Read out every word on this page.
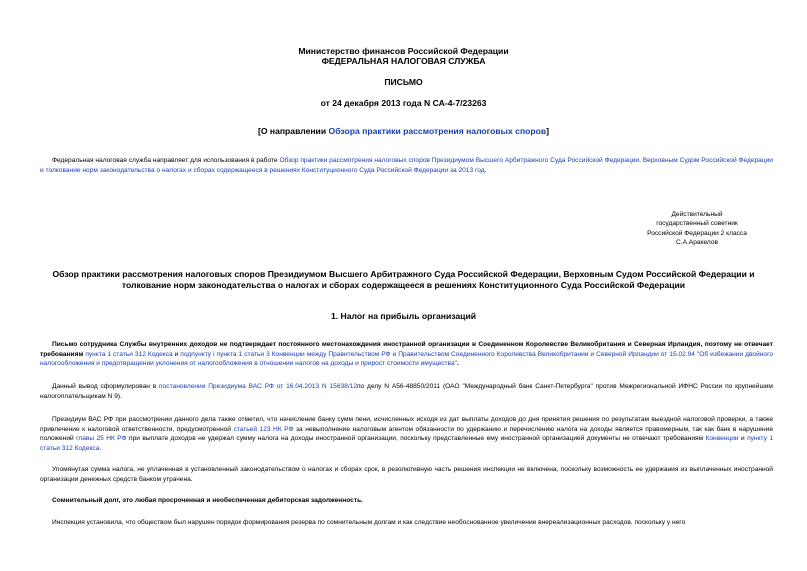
Министерство финансов Российской Федерации
ФЕДЕРАЛЬНАЯ НАЛОГОВАЯ СЛУЖБА
ПИСЬМО
от 24 декабря 2013 года N СА-4-7/23263
[О направлении Обзора практики рассмотрения налоговых споров]
Федеральная налоговая служба направляет для использования в работе Обзор практики рассмотрения налоговых споров Президиумом Высшего Арбитражного Суда Российской Федерации, Верховным Судом Российской Федерации и толкование норм законодательства о налогах и сборах содержащееся в решениях Конституционного Суда Российской Федерации за 2013 год.
Действительный
государственный советник
Российской Федерации 2 класса
С.А.Аракелов
Обзор практики рассмотрения налоговых споров Президиумом Высшего Арбитражного Суда Российской Федерации, Верховным Судом Российской Федерации и толкование норм законодательства о налогах и сборах содержащееся в решениях Конституционного Суда Российской Федерации
1. Налог на прибыль организаций
Письмо сотрудника Службы внутренних доходов не подтверждает постоянного местонахождения иностранной организации в Соединенном Королевстве Великобритания и Северная Ирландия, поэтому не отвечает требованиям пункта 1 статьи 312 Кодекса и подпункту i пункта 1 статьи 3 Конвенции между Правительством РФ и Правительством Соединенного Королевства Великобритании и Северной Ирландии от 15.02.94 "Об избежании двойного налогообложения и предотвращении уклонения от налогообложения в отношении налогов на доходы и прирост стоимости имущества".
Данный вывод сформулирован в постановлении Президиума ВАС РФ от 16.04.2013 N 15638/12по делу N А56-48850/2011 (ОАО "Международный банк Санкт-Петербурга" против Межрегиональной ИФНС России по крупнейшим налогоплательщикам N 9).
Президиум ВАС РФ при рассмотрении данного дела также отметил, что начисление банку сумм пени, исчисленных исходя из дат выплаты доходов до дня принятия решения по результатам выездной налоговой проверки, а также привлечение к налоговой ответственности, предусмотренной статьей 123 НК РФ за невыполнение налоговым агентом обязанности по удержанию и перечислению налога на доходы является правомерным, так как банк в нарушение положений главы 25 НК РФ при выплате доходов не удержал сумму налога на доходы иностранной организации, поскольку представленные ему иностранной организацией документы не отвечают требованиям Конвенции и пункту 1 статьи 312 Кодекса.
Упомянутая сумма налога, не уплаченная в установленный законодательством о налогах и сборах срок, в резолютивную часть решения инспекции не включена, поскольку возможность ее удержания из выплаченных иностранной организации денежных средств банком утрачена.
Сомнительный долг, это любая просроченная и необеспеченная дебиторская задолженность.
Инспекция установила, что обществом был нарушен порядок формирования резерва по сомнительным долгам и как следствие необоснованное увеличение внереализационных расходов, поскольку у него
